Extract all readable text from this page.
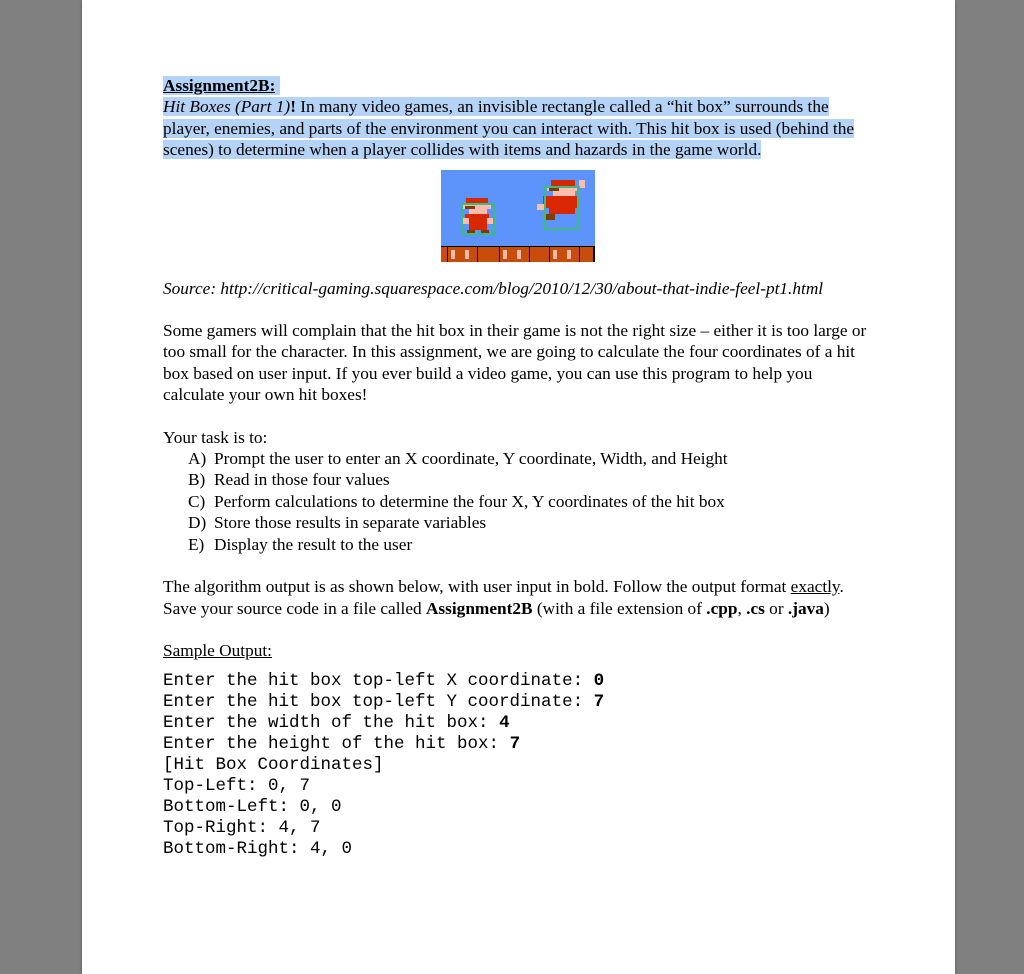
Assignment2B:

Hit Boxes (Part 1)! In many video games, an invisible rectangle called a “hit box” surrounds the player, enemies, and parts of the environment you can interact with. This hit box is used (behind the scenes) to determine when a player collides with items and hazards in the game world.

Source: http://critical-gaming.squarespace.com/blog/2010/12/30/about-that-indie-feel-pt1.html

Some gamers will complain that the hit box in their game is not the right size – either it is too large or too small for the character. In this assignment, we are going to calculate the four coordinates of a hit box based on user input. If you ever build a video game, you can use this program to help you calculate your own hit boxes!

Your task is to:

A) Prompt the user to enter an X coordinate, Y coordinate, Width, and Height
B) Read in those four values
C) Perform calculations to determine the four X, Y coordinates of the hit box
D) Store those results in separate variables
E) Display the result to the user

The algorithm output is as shown below, with user input in bold. Follow the output format exactly. Save your source code in a file called Assignment2B (with a file extension of .cpp, .cs or .java)

Sample Output:

Enter the hit box top-left X coordinate: 0
Enter the hit box top-left Y coordinate: 7
Enter the width of the hit box: 4
Enter the height of the hit box: 7
[Hit Box Coordinates]
Top-Left: 0, 7
Bottom-Left: 0, 0
Top-Right: 4, 7
Bottom-Right: 4, 0
